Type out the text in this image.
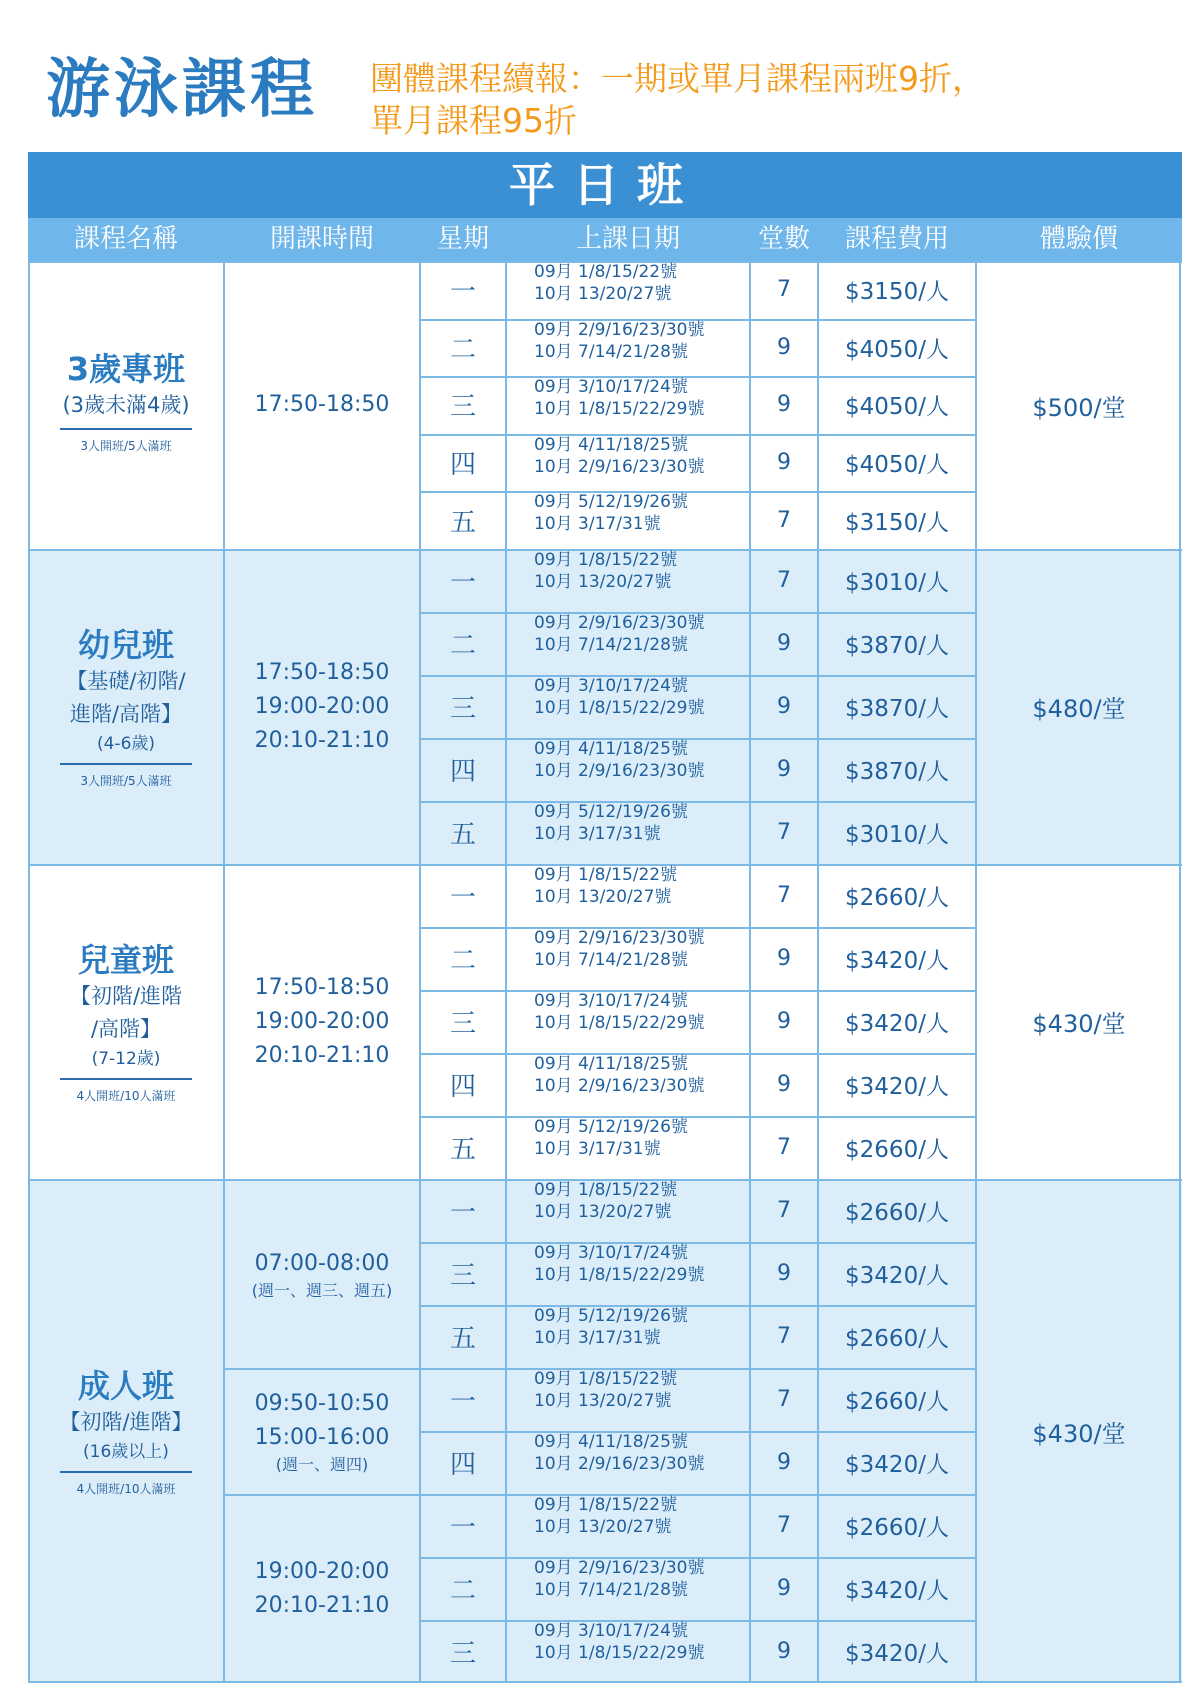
游泳課程 團體課程續報：一期或單月課程兩班9折，
單月課程95折
平日班
課程名稱	開課時間	星期	上課日期	堂數	課程費用	體驗價
3歲專班
(3歲未滿4歲)
3人開班/5人滿班
$500/堂
17:50-18:50
一
09月 1/8/15/22號
10月 13/20/27號	7	$3150/人
二
09月 2/9/16/23/30號
10月 7/14/21/28號	9	$4050/人
三
09月 3/10/17/24號
10月 1/8/15/22/29號	9	$4050/人
四
09月 4/11/18/25號
10月 2/9/16/23/30號	9	$4050/人
五
09月 5/12/19/26號
10月 3/17/31號	7	$3150/人
幼兒班
【基礎/初階/
進階/高階】
(4-6歲)
3人開班/5人滿班
$480/堂
17:50-18:50
19:00-20:00
20:10-21:10
一
09月 1/8/15/22號
10月 13/20/27號	7	$3010/人
二
09月 2/9/16/23/30號
10月 7/14/21/28號	9	$3870/人
三
09月 3/10/17/24號
10月 1/8/15/22/29號	9	$3870/人
四
09月 4/11/18/25號
10月 2/9/16/23/30號	9	$3870/人
五
09月 5/12/19/26號
10月 3/17/31號	7	$3010/人
兒童班
【初階/進階
/高階】
(7-12歲)
4人開班/10人滿班
$430/堂
17:50-18:50
19:00-20:00
20:10-21:10
一
09月 1/8/15/22號
10月 13/20/27號	7	$2660/人
二
09月 2/9/16/23/30號
10月 7/14/21/28號	9	$3420/人
三
09月 3/10/17/24號
10月 1/8/15/22/29號	9	$3420/人
四
09月 4/11/18/25號
10月 2/9/16/23/30號	9	$3420/人
五
09月 5/12/19/26號
10月 3/17/31號	7	$2660/人
成人班
【初階/進階】
(16歲以上)
4人開班/10人滿班
$430/堂
07:00-08:00
(週一、週三、週五)
一
09月 1/8/15/22號
10月 13/20/27號	7	$2660/人
三
09月 3/10/17/24號
10月 1/8/15/22/29號	9	$3420/人
五
09月 5/12/19/26號
10月 3/17/31號	7	$2660/人
09:50-10:50
15:00-16:00
(週一、週四)
一
09月 1/8/15/22號
10月 13/20/27號	7	$2660/人
四
09月 4/11/18/25號
10月 2/9/16/23/30號	9	$3420/人
19:00-20:00
20:10-21:10
一
09月 1/8/15/22號
10月 13/20/27號	7	$2660/人
二
09月 2/9/16/23/30號
10月 7/14/21/28號	9	$3420/人
三
09月 3/10/17/24號
10月 1/8/15/22/29號	9	$3420/人
